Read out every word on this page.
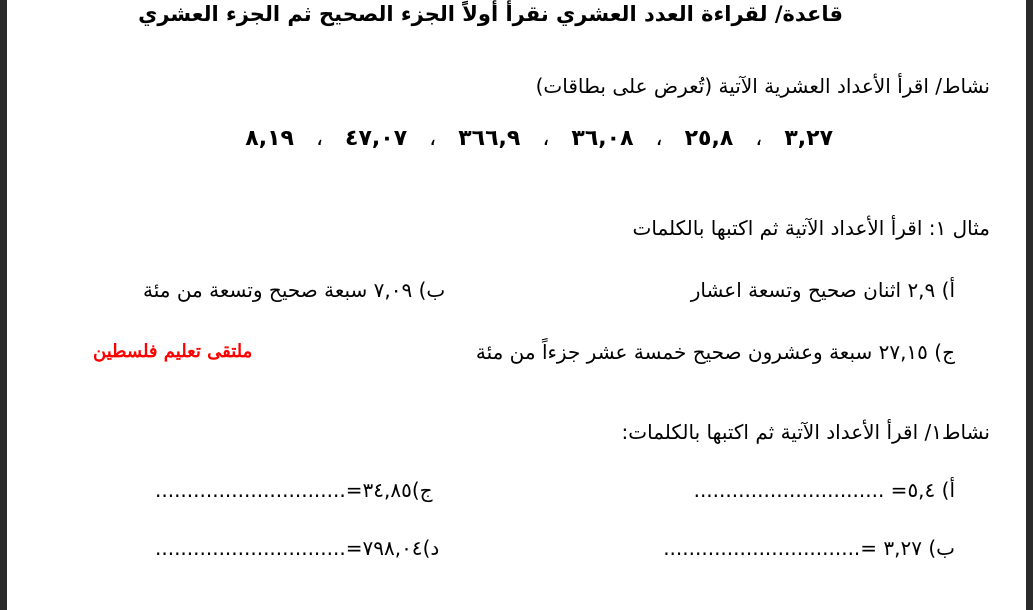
قاعدة/ لقراءة العدد العشري نقرأ أولاً الجزء الصحيح ثم الجزء العشري
نشاط/ اقرأ الأعداد العشرية الآتية (تُعرض على بطاقات)
٣,٢٧،٢٥,٨،٣٦,٠٨،٣٦٦,٩،٤٧,٠٧،٨,١٩
مثال ١: اقرأ الأعداد الآتية ثم اكتبها بالكلمات
أ) ٢,٩ اثنان صحيح وتسعة اعشار
ب) ٧,٠٩ سبعة صحيح وتسعة من مئة
ج) ٢٧,١٥ سبعة وعشرون صحيح خمسة عشر جزءاً من مئة
ملتقى تعليم فلسطين
نشاط١/ اقرأ الأعداد الآتية ثم اكتبها بالكلمات:
أ) ٥,٤= ..............................
ج)٣٤,٨٥=..............................
ب) ٣,٢٧ =...............................
د)٧٩٨,٠٤=..............................
